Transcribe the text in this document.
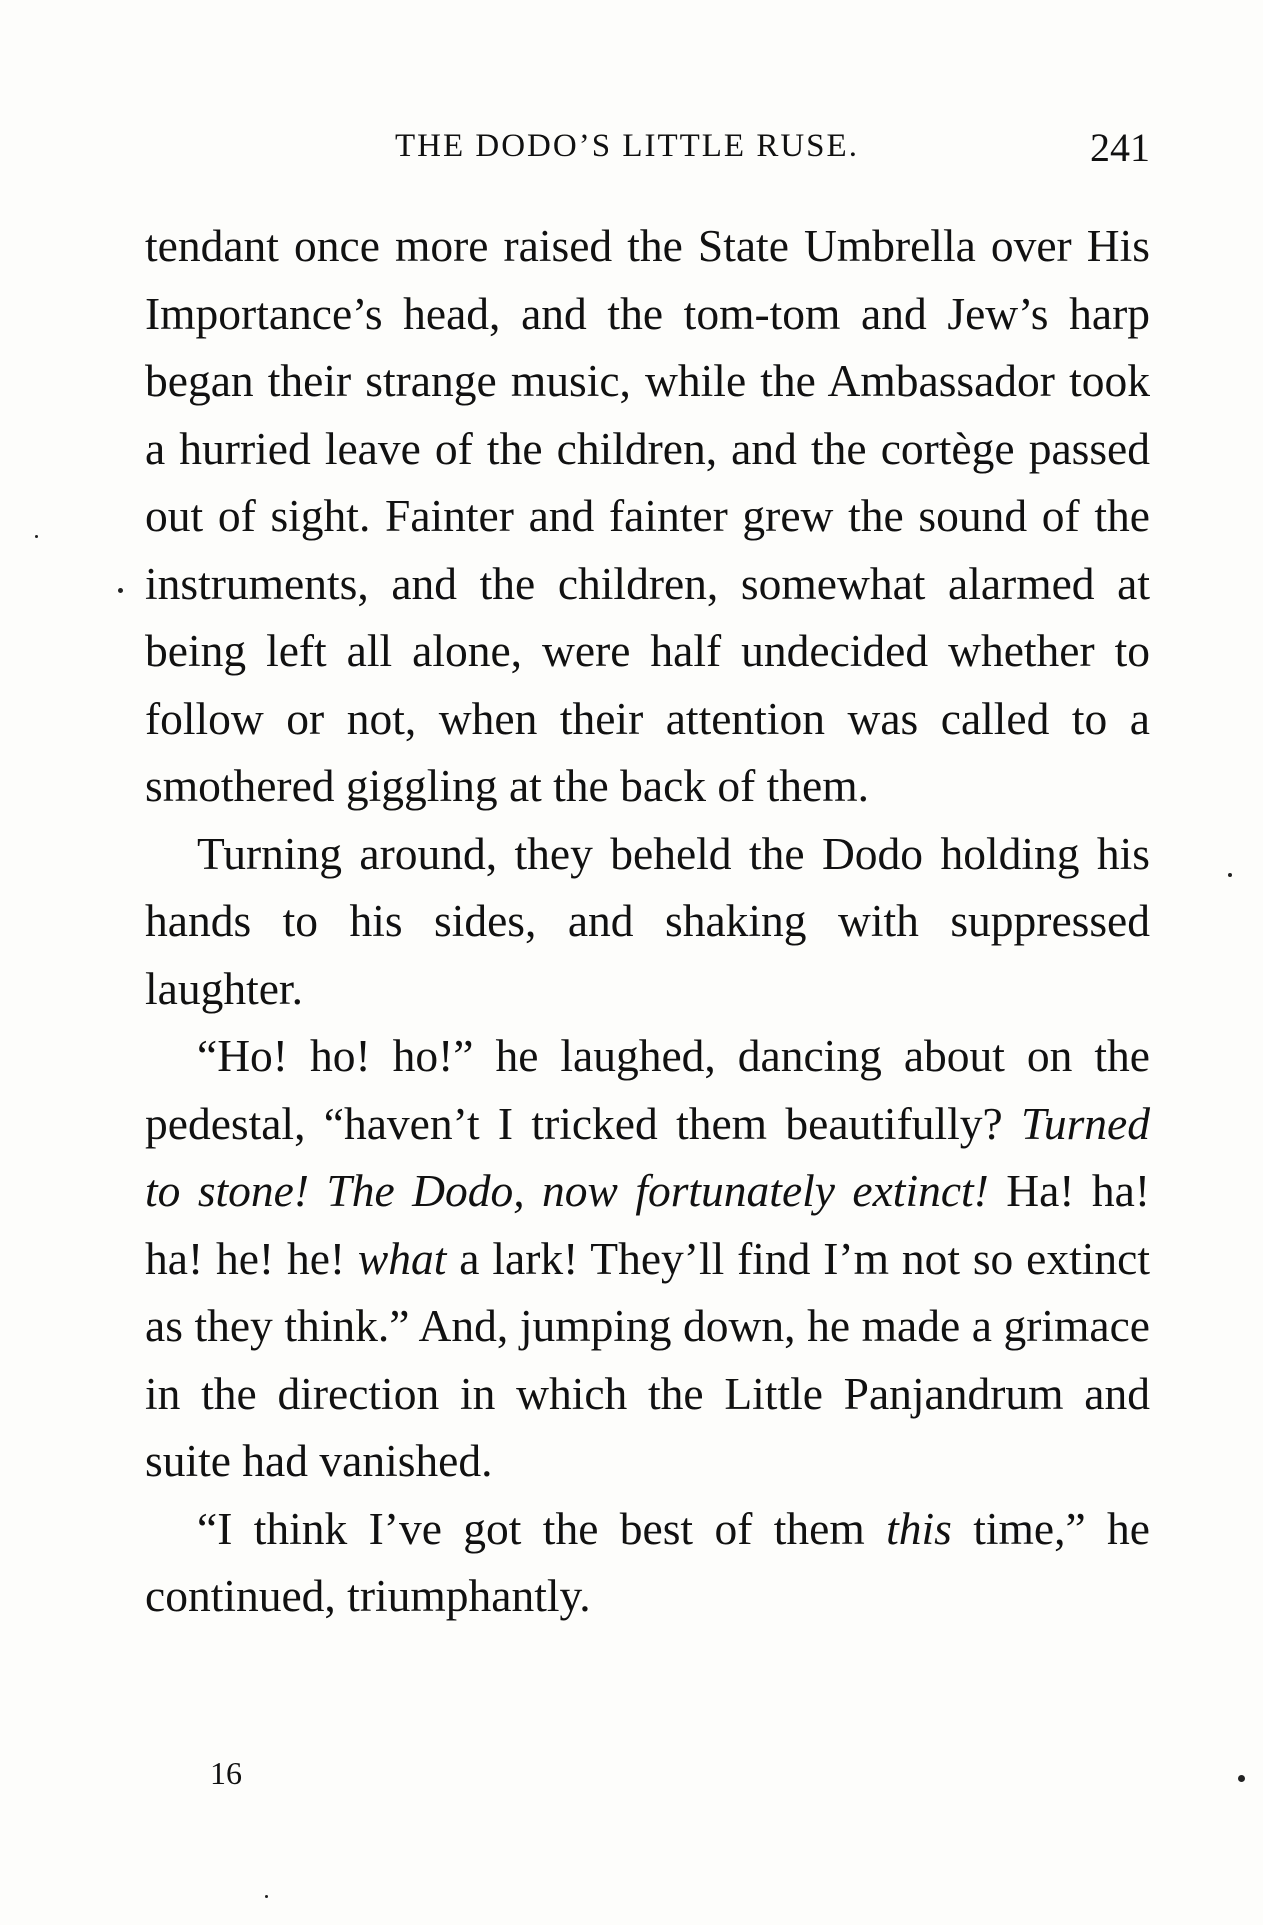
THE DODO’S LITTLE RUSE.	241

tendant once more raised the State Umbrella over His Importance’s head, and the tom-tom and Jew’s harp began their strange music, while the Ambassador took a hurried leave of the children, and the cortège passed out of sight. Fainter and fainter grew the sound of the instruments, and the children, somewhat alarmed at being left all alone, were half undecided whether to follow or not, when their attention was called to a smothered giggling at the back of them.

Turning around, they beheld the Dodo holding his hands to his sides, and shaking with suppressed laughter.

“Ho! ho! ho!” he laughed, dancing about on the pedestal, “haven’t I tricked them beautifully? Turned to stone! The Dodo, now fortunately extinct! Ha! ha! ha! he! he! what a lark! They’ll find I’m not so extinct as they think.” And, jumping down, he made a grimace in the direction in which the Little Panjandrum and suite had vanished.

“I think I’ve got the best of them this time,” he continued, triumphantly.

16
